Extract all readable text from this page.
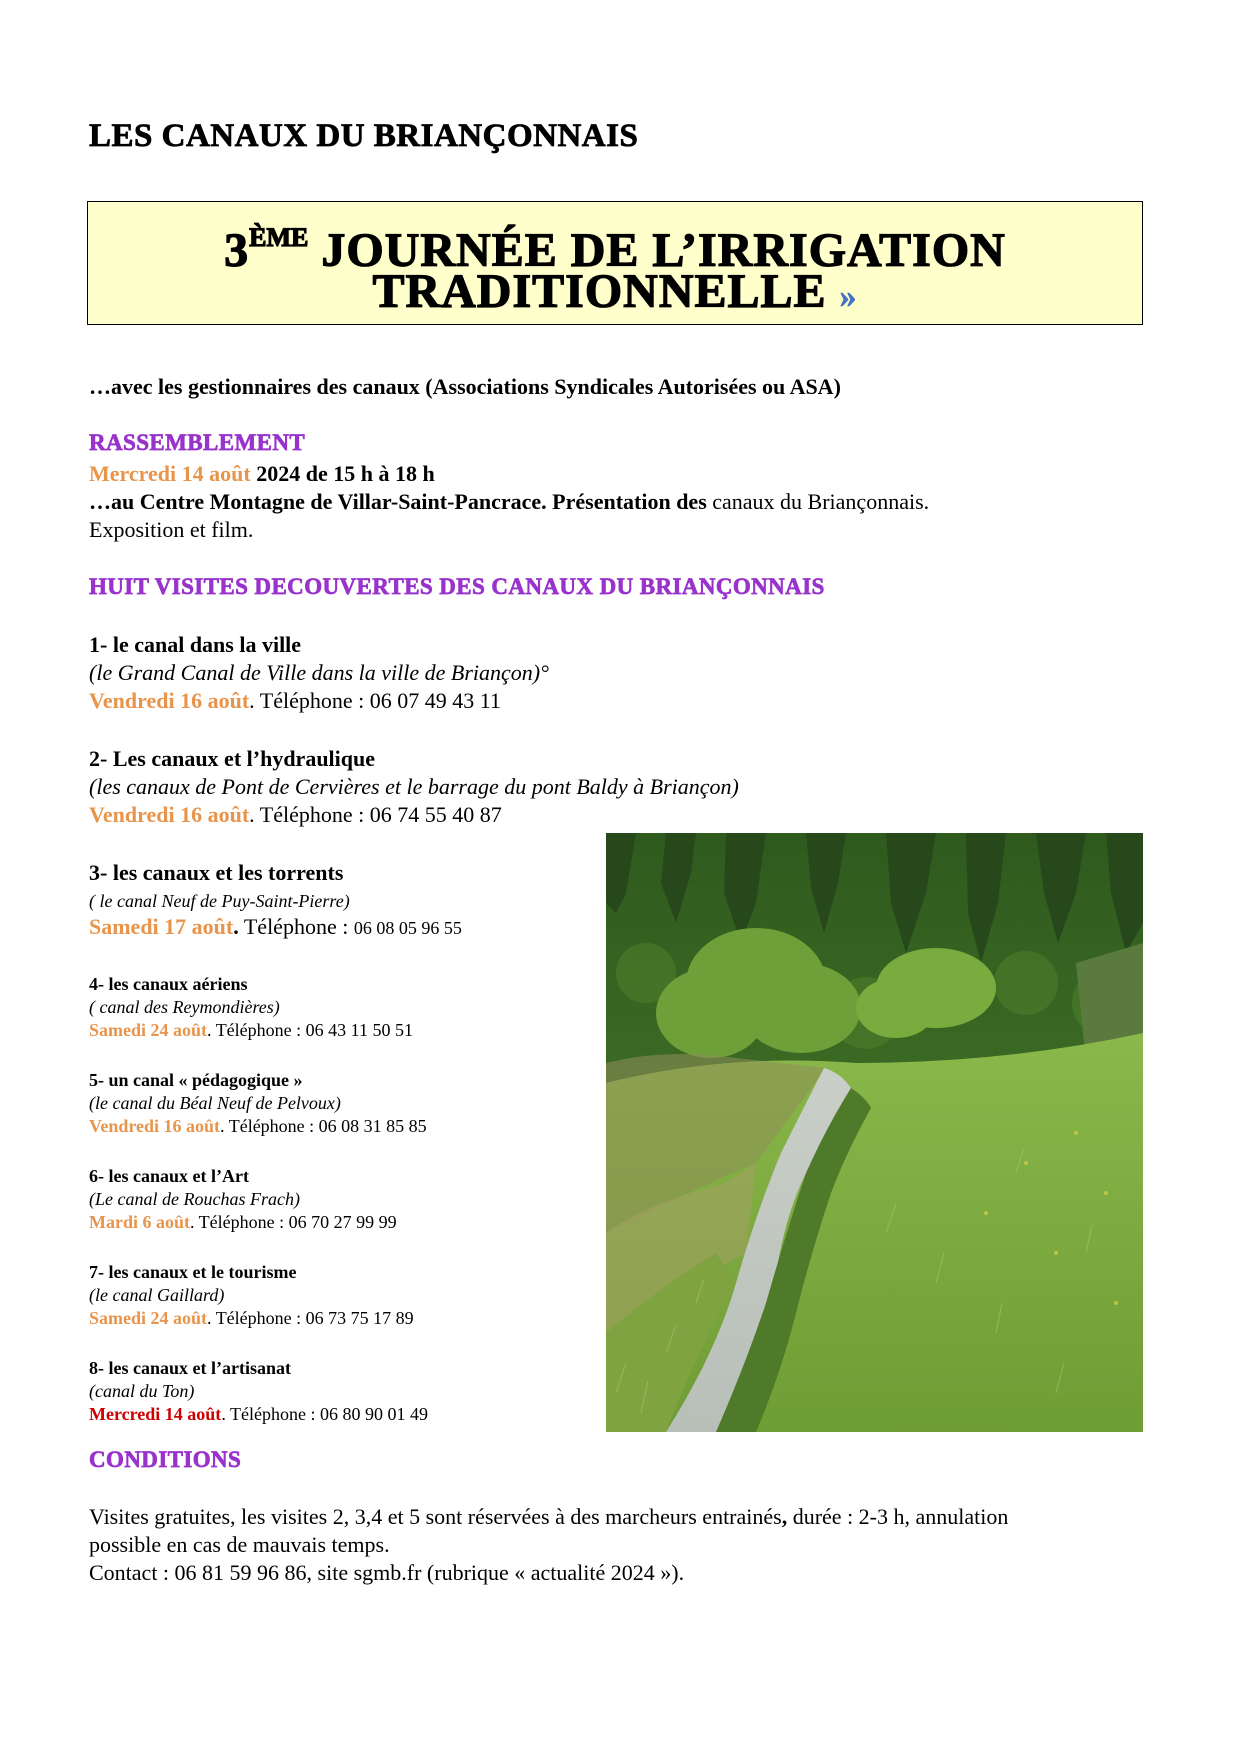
LES CANAUX DU BRIANÇONNAIS
3ÈME JOURNÉE DE L’IRRIGATION
TRADITIONNELLE »
…avec les gestionnaires des canaux (Associations Syndicales Autorisées ou ASA)
RASSEMBLEMENT
Mercredi 14 août 2024 de 15 h à 18 h
…au Centre Montagne de Villar-Saint-Pancrace. Présentation des canaux du Briançonnais.
Exposition et film.
HUIT VISITES DECOUVERTES DES CANAUX DU BRIANÇONNAIS
1- le canal dans la ville
(le Grand Canal de Ville dans la ville de Briançon)°
Vendredi 16 août. Téléphone : 06 07 49 43 11
2- Les canaux et l’hydraulique
(les canaux de Pont de Cervières et le barrage du pont Baldy à Briançon)
Vendredi 16 août. Téléphone : 06 74 55 40 87
3- les canaux et les torrents
( le canal Neuf de Puy-Saint-Pierre)
Samedi 17 août. Téléphone : 06 08 05 96 55
4- les canaux aériens
( canal des Reymondières)
Samedi 24 août. Téléphone : 06 43 11 50 51
5- un canal « pédagogique »
(le canal du Béal Neuf de Pelvoux)
Vendredi 16 août. Téléphone : 06 08 31 85 85
6- les canaux et l’Art
(Le canal de Rouchas Frach)
Mardi 6 août. Téléphone : 06 70 27 99 99
7- les canaux et le tourisme
(le canal Gaillard)
Samedi 24 août. Téléphone : 06 73 75 17 89
8- les canaux et l’artisanat
(canal du Ton)
Mercredi 14 août. Téléphone : 06 80 90 01 49
CONDITIONS
Visites gratuites, les visites 2, 3,4 et 5 sont réservées à des marcheurs entrainés, durée : 2-3 h, annulation
possible en cas de mauvais temps.
Contact : 06 81 59 96 86, site sgmb.fr (rubrique « actualité 2024 »).
